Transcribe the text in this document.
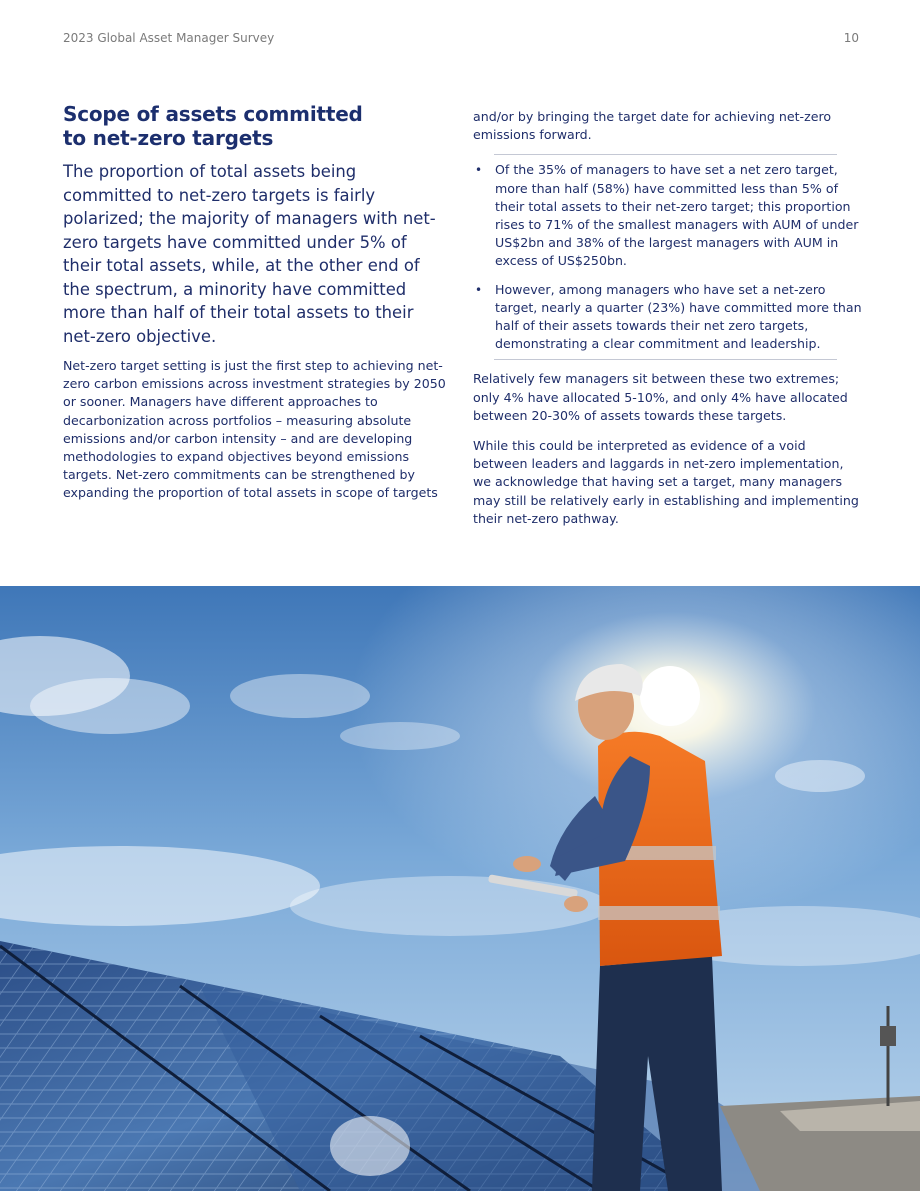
2023 Global Asset Manager Survey	10
Scope of assets committed
to net-zero targets

The proportion of total assets being committed to net-zero targets is fairly polarized; the majority of managers with net-zero targets have committed under 5% of their total assets, while, at the other end of the spectrum, a minority have committed more than half of their total assets to their net-zero objective.

Net-zero target setting is just the first step to achieving net-zero carbon emissions across investment strategies by 2050 or sooner. Managers have different approaches to decarbonization across portfolios – measuring absolute emissions and/or carbon intensity – and are developing methodologies to expand objectives beyond emissions targets. Net-zero commitments can be strengthened by expanding the proportion of total assets in scope of targets

and/or by bringing the target date for achieving net-zero emissions forward.

• Of the 35% of managers to have set a net zero target, more than half (58%) have committed less than 5% of their total assets to their net-zero target; this proportion rises to 71% of the smallest managers with AUM of under US$2bn and 38% of the largest managers with AUM in excess of US$250bn.
• However, among managers who have set a net-zero target, nearly a quarter (23%) have committed more than half of their assets towards their net zero targets, demonstrating a clear commitment and leadership.

Relatively few managers sit between these two extremes; only 4% have allocated 5-10%, and only 4% have allocated between 20-30% of assets towards these targets.

While this could be interpreted as evidence of a void between leaders and laggards in net-zero implementation, we acknowledge that having set a target, many managers may still be relatively early in establishing and implementing their net-zero pathway.
